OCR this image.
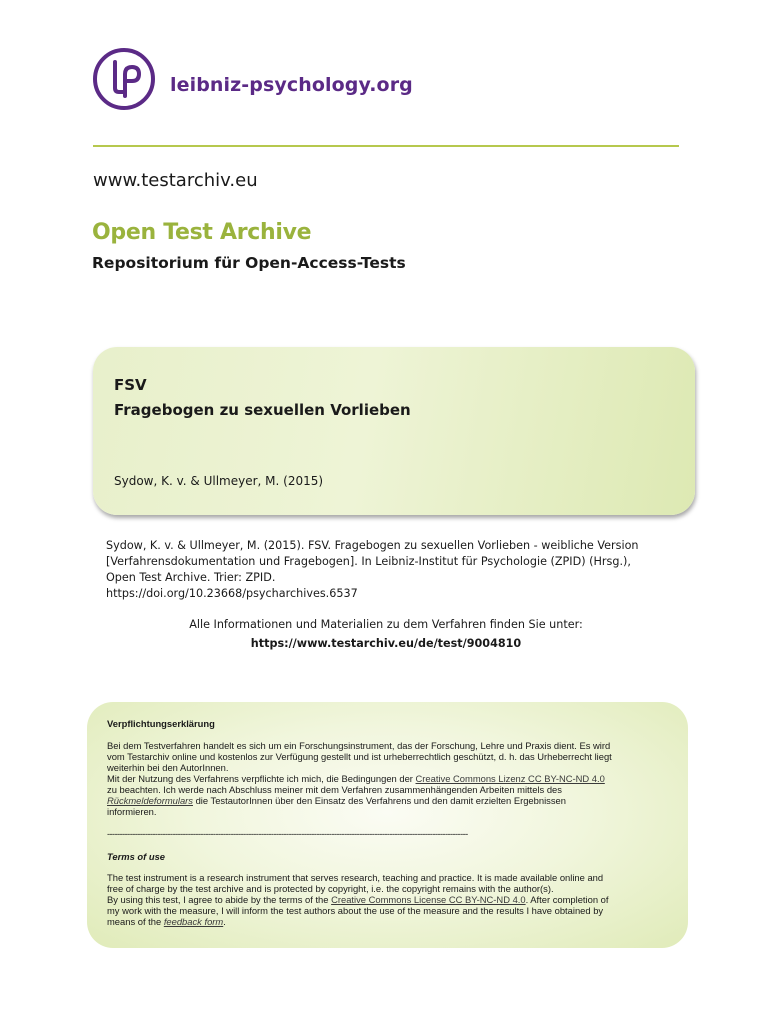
leibniz-psychology.org
www.testarchiv.eu
Open Test Archive
Repositorium für Open-Access-Tests
FSV
Fragebogen zu sexuellen Vorlieben
Sydow, K. v. & Ullmeyer, M. (2015)
Sydow, K. v. & Ullmeyer, M. (2015). FSV. Fragebogen zu sexuellen Vorlieben - weibliche Version
[Verfahrensdokumentation und Fragebogen]. In Leibniz-Institut für Psychologie (ZPID) (Hrsg.),
Open Test Archive. Trier: ZPID.
https://doi.org/10.23668/psycharchives.6537
Alle Informationen und Materialien zu dem Verfahren finden Sie unter:
https://www.testarchiv.eu/de/test/9004810
Verpflichtungserklärung
Bei dem Testverfahren handelt es sich um ein Forschungsinstrument, das der Forschung, Lehre und Praxis dient. Es wird
vom Testarchiv online und kostenlos zur Verfügung gestellt und ist urheberrechtlich geschützt, d. h. das Urheberrecht liegt
weiterhin bei den AutorInnen.
Mit der Nutzung des Verfahrens verpflichte ich mich, die Bedingungen der Creative Commons Lizenz CC BY-NC-ND 4.0
zu beachten. Ich werde nach Abschluss meiner mit dem Verfahren zusammenhängenden Arbeiten mittels des
Rückmeldeformulars die TestautorInnen über den Einsatz des Verfahrens und den damit erzielten Ergebnissen
informieren.
-----------------------------------------------------------------------------------------------------------------------------------------------
Terms of use
The test instrument is a research instrument that serves research, teaching and practice. It is made available online and
free of charge by the test archive and is protected by copyright, i.e. the copyright remains with the author(s).
By using this test, I agree to abide by the terms of the Creative Commons License CC BY-NC-ND 4.0. After completion of
my work with the measure, I will inform the test authors about the use of the measure and the results I have obtained by
means of the feedback form.
